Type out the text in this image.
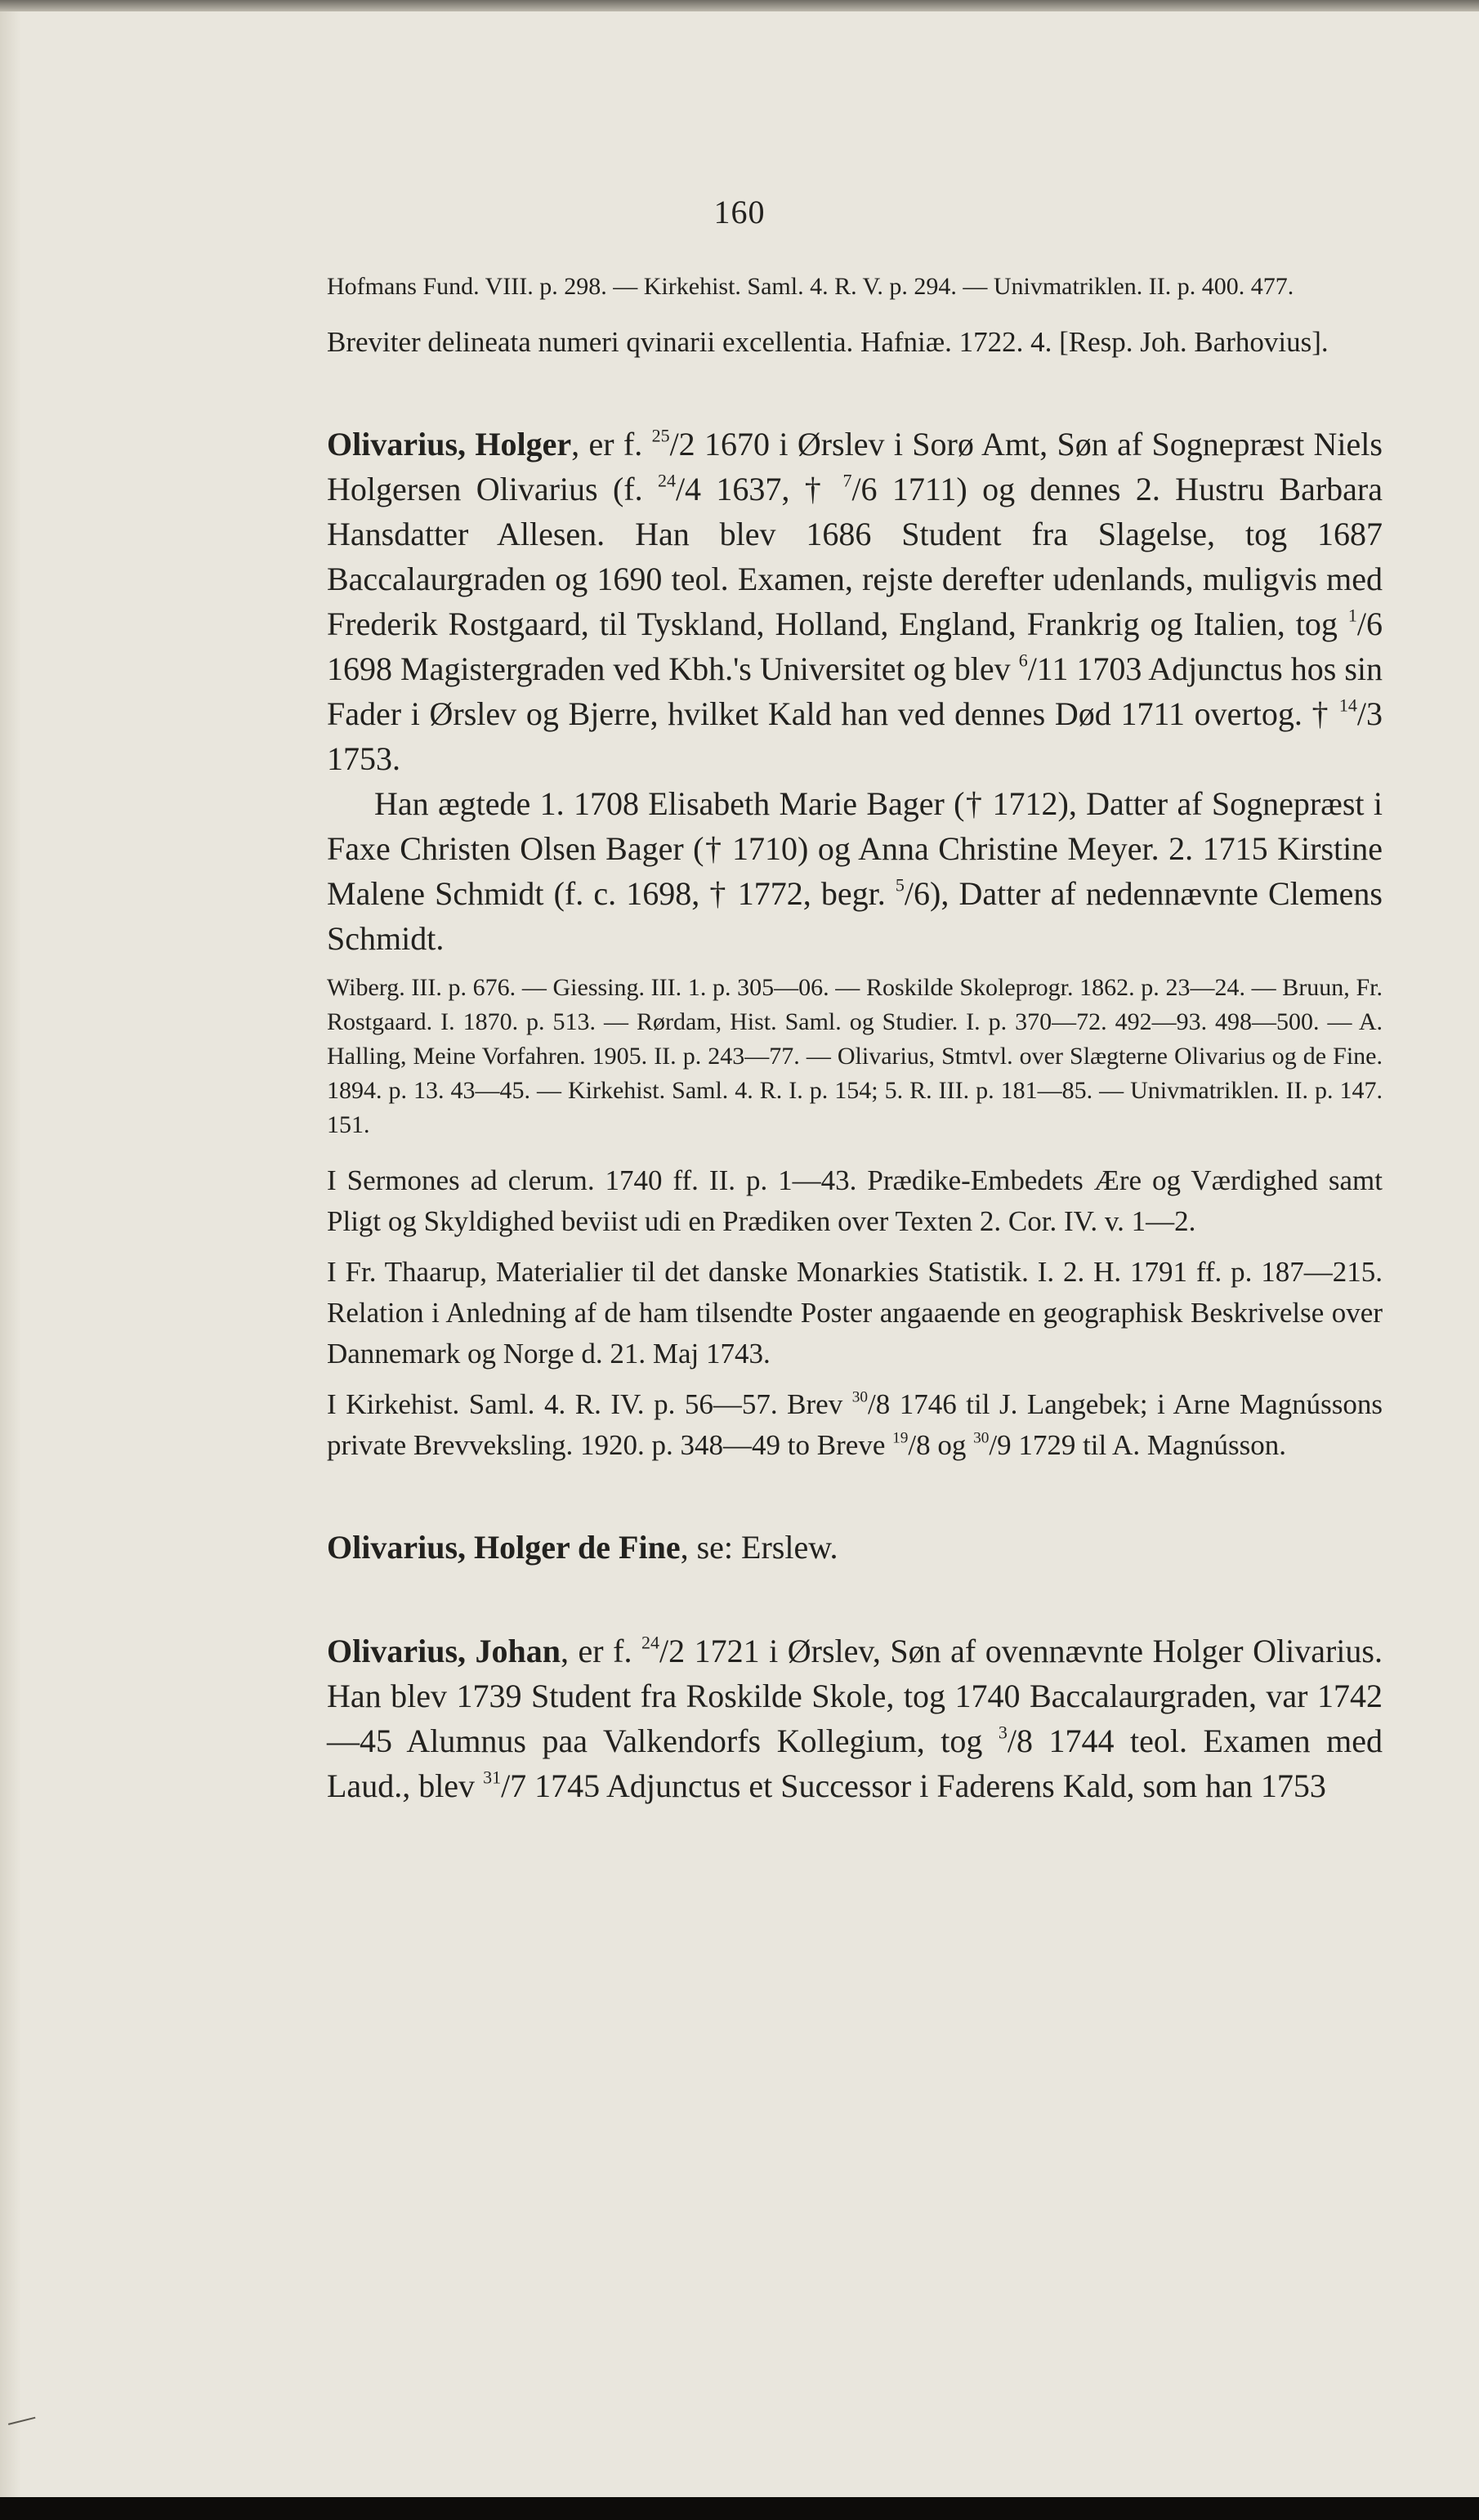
160

Hofmans Fund. VIII. p. 298. — Kirkehist. Saml. 4. R. V. p. 294. — Univmatriklen. II. p. 400. 477.

Breviter delineata numeri qvinarii excellentia. Hafniæ. 1722. 4. [Resp. Joh. Barhovius].

Olivarius, Holger, er f. $^{25}$/2 1670 i Ørslev i Sorø Amt, Søn af Sognepræst Niels Holgersen Olivarius (f. $^{24}$/4 1637, † $^7$/6 1711) og dennes 2. Hustru Barbara Hansdatter Allesen. Han blev 1686 Student fra Slagelse, tog 1687 Baccalaurgraden og 1690 teol. Examen, rejste derefter udenlands, muligvis med Frederik Rostgaard, til Tyskland, Holland, England, Frankrig og Italien, tog $^1$/6 1698 Magistergraden ved Kbh.'s Universitet og blev $^6$/11 1703 Adjunctus hos sin Fader i Ørslev og Bjerre, hvilket Kald han ved dennes Død 1711 overtog. † $^{14}$/3 1753.

Han ægtede 1. 1708 Elisabeth Marie Bager († 1712), Datter af Sognepræst i Faxe Christen Olsen Bager († 1710) og Anna Christine Meyer. 2. 1715 Kirstine Malene Schmidt (f. c. 1698, † 1772, begr. $^5$/6), Datter af nedennævnte Clemens Schmidt.

Wiberg. III. p. 676. — Giessing. III. 1. p. 305—06. — Roskilde Skoleprogr. 1862. p. 23—24. — Bruun, Fr. Rostgaard. I. 1870. p. 513. — Rørdam, Hist. Saml. og Studier. I. p. 370—72. 492—93. 498—500. — A. Halling, Meine Vorfahren. 1905. II. p. 243—77. — Olivarius, Stmtvl. over Slægterne Olivarius og de Fine. 1894. p. 13. 43—45. — Kirkehist. Saml. 4. R. I. p. 154; 5. R. III. p. 181—85. — Univmatriklen. II. p. 147. 151.

I Sermones ad clerum. 1740 ff. II. p. 1—43. Prædike-Embedets Ære og Værdighed samt Pligt og Skyldighed beviist udi en Prædiken over Texten 2. Cor. IV. v. 1—2.

I Fr. Thaarup, Materialier til det danske Monarkies Statistik. I. 2. H. 1791 ff. p. 187—215. Relation i Anledning af de ham tilsendte Poster angaaende en geographisk Beskrivelse over Dannemark og Norge d. 21. Maj 1743.

I Kirkehist. Saml. 4. R. IV. p. 56—57. Brev $^{30}$/8 1746 til J. Langebek; i Arne Magnússons private Brevveksling. 1920. p. 348—49 to Breve $^{19}$/8 og $^{30}$/9 1729 til A. Magnússon.

Olivarius, Holger de Fine, se: Erslew.

Olivarius, Johan, er f. $^{24}$/2 1721 i Ørslev, Søn af ovennævnte Holger Olivarius. Han blev 1739 Student fra Roskilde Skole, tog 1740 Baccalaurgraden, var 1742—45 Alumnus paa Valkendorfs Kollegium, tog $^3$/8 1744 teol. Examen med Laud., blev $^{31}$/7 1745 Adjunctus et Successor i Faderens Kald, som han 1753
